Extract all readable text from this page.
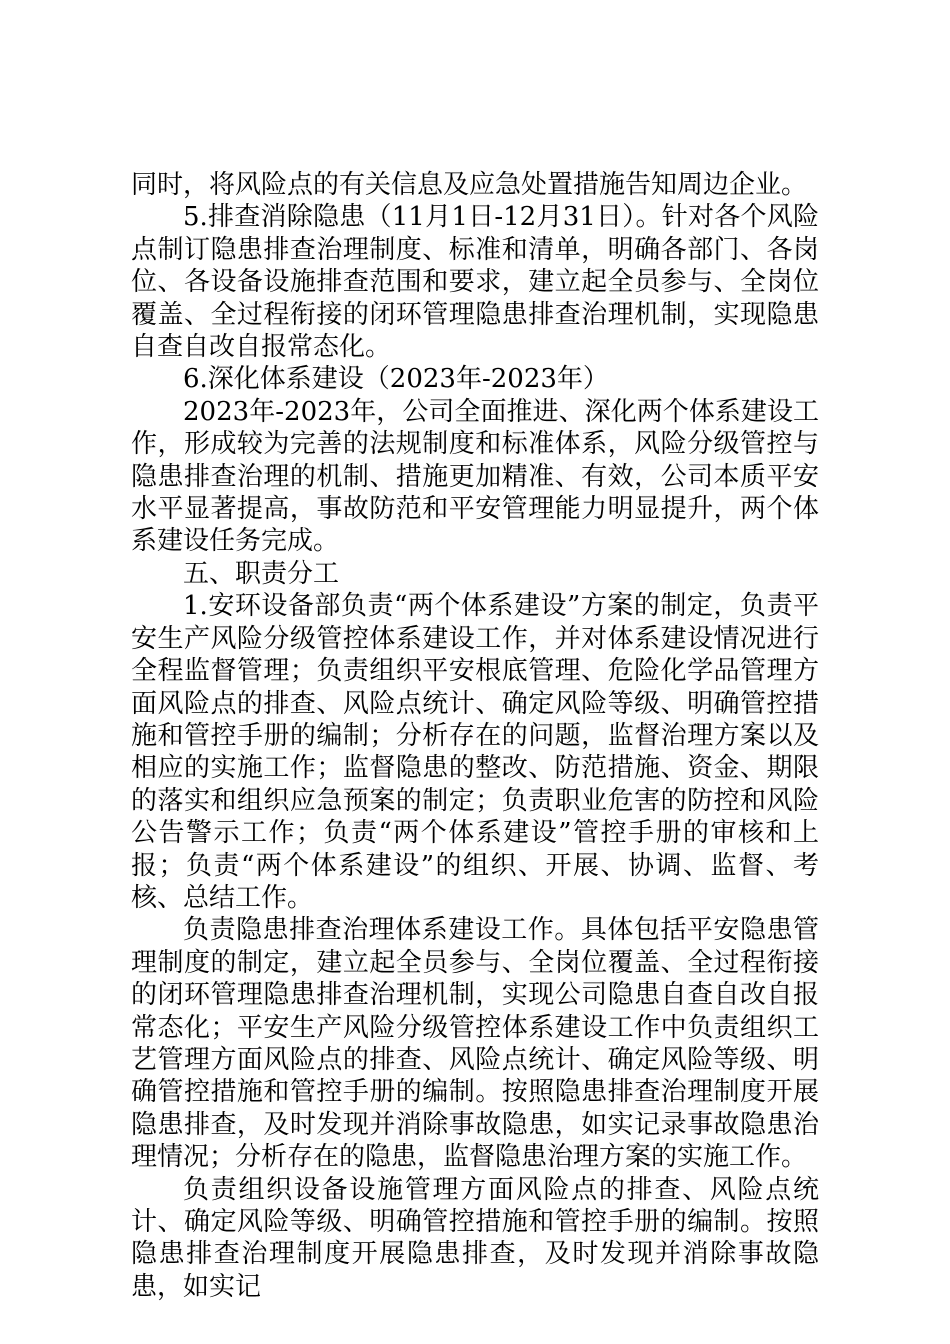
同时，将风险点的有关信息及应急处置措施告知周边企业。

5.排查消除隐患（11月1日-12月31日）。针对各个风险点制订隐患排查治理制度、标准和清单，明确各部门、各岗位、各设备设施排查范围和要求，建立起全员参与、全岗位覆盖、全过程衔接的闭环管理隐患排查治理机制，实现隐患自查自改自报常态化。

6.深化体系建设（2023年-2023年）

2023年-2023年，公司全面推进、深化两个体系建设工作，形成较为完善的法规制度和标准体系，风险分级管控与隐患排查治理的机制、措施更加精准、有效，公司本质平安水平显著提高，事故防范和平安管理能力明显提升，两个体系建设任务完成。

五、职责分工

1.安环设备部负责“两个体系建设”方案的制定，负责平安生产风险分级管控体系建设工作，并对体系建设情况进行全程监督管理；负责组织平安根底管理、危险化学品管理方面风险点的排查、风险点统计、确定风险等级、明确管控措施和管控手册的编制；分析存在的问题，监督治理方案以及相应的实施工作；监督隐患的整改、防范措施、资金、期限的落实和组织应急预案的制定；负责职业危害的防控和风险公告警示工作；负责“两个体系建设”管控手册的审核和上报；负责“两个体系建设”的组织、开展、协调、监督、考核、总结工作。

负责隐患排查治理体系建设工作。具体包括平安隐患管理制度的制定，建立起全员参与、全岗位覆盖、全过程衔接的闭环管理隐患排查治理机制，实现公司隐患自查自改自报常态化；平安生产风险分级管控体系建设工作中负责组织工艺管理方面风险点的排查、风险点统计、确定风险等级、明确管控措施和管控手册的编制。按照隐患排查治理制度开展隐患排查，及时发现并消除事故隐患，如实记录事故隐患治理情况；分析存在的隐患，监督隐患治理方案的实施工作。

负责组织设备设施管理方面风险点的排查、风险点统计、确定风险等级、明确管控措施和管控手册的编制。按照隐患排查治理制度开展隐患排查，及时发现并消除事故隐患，如实记
